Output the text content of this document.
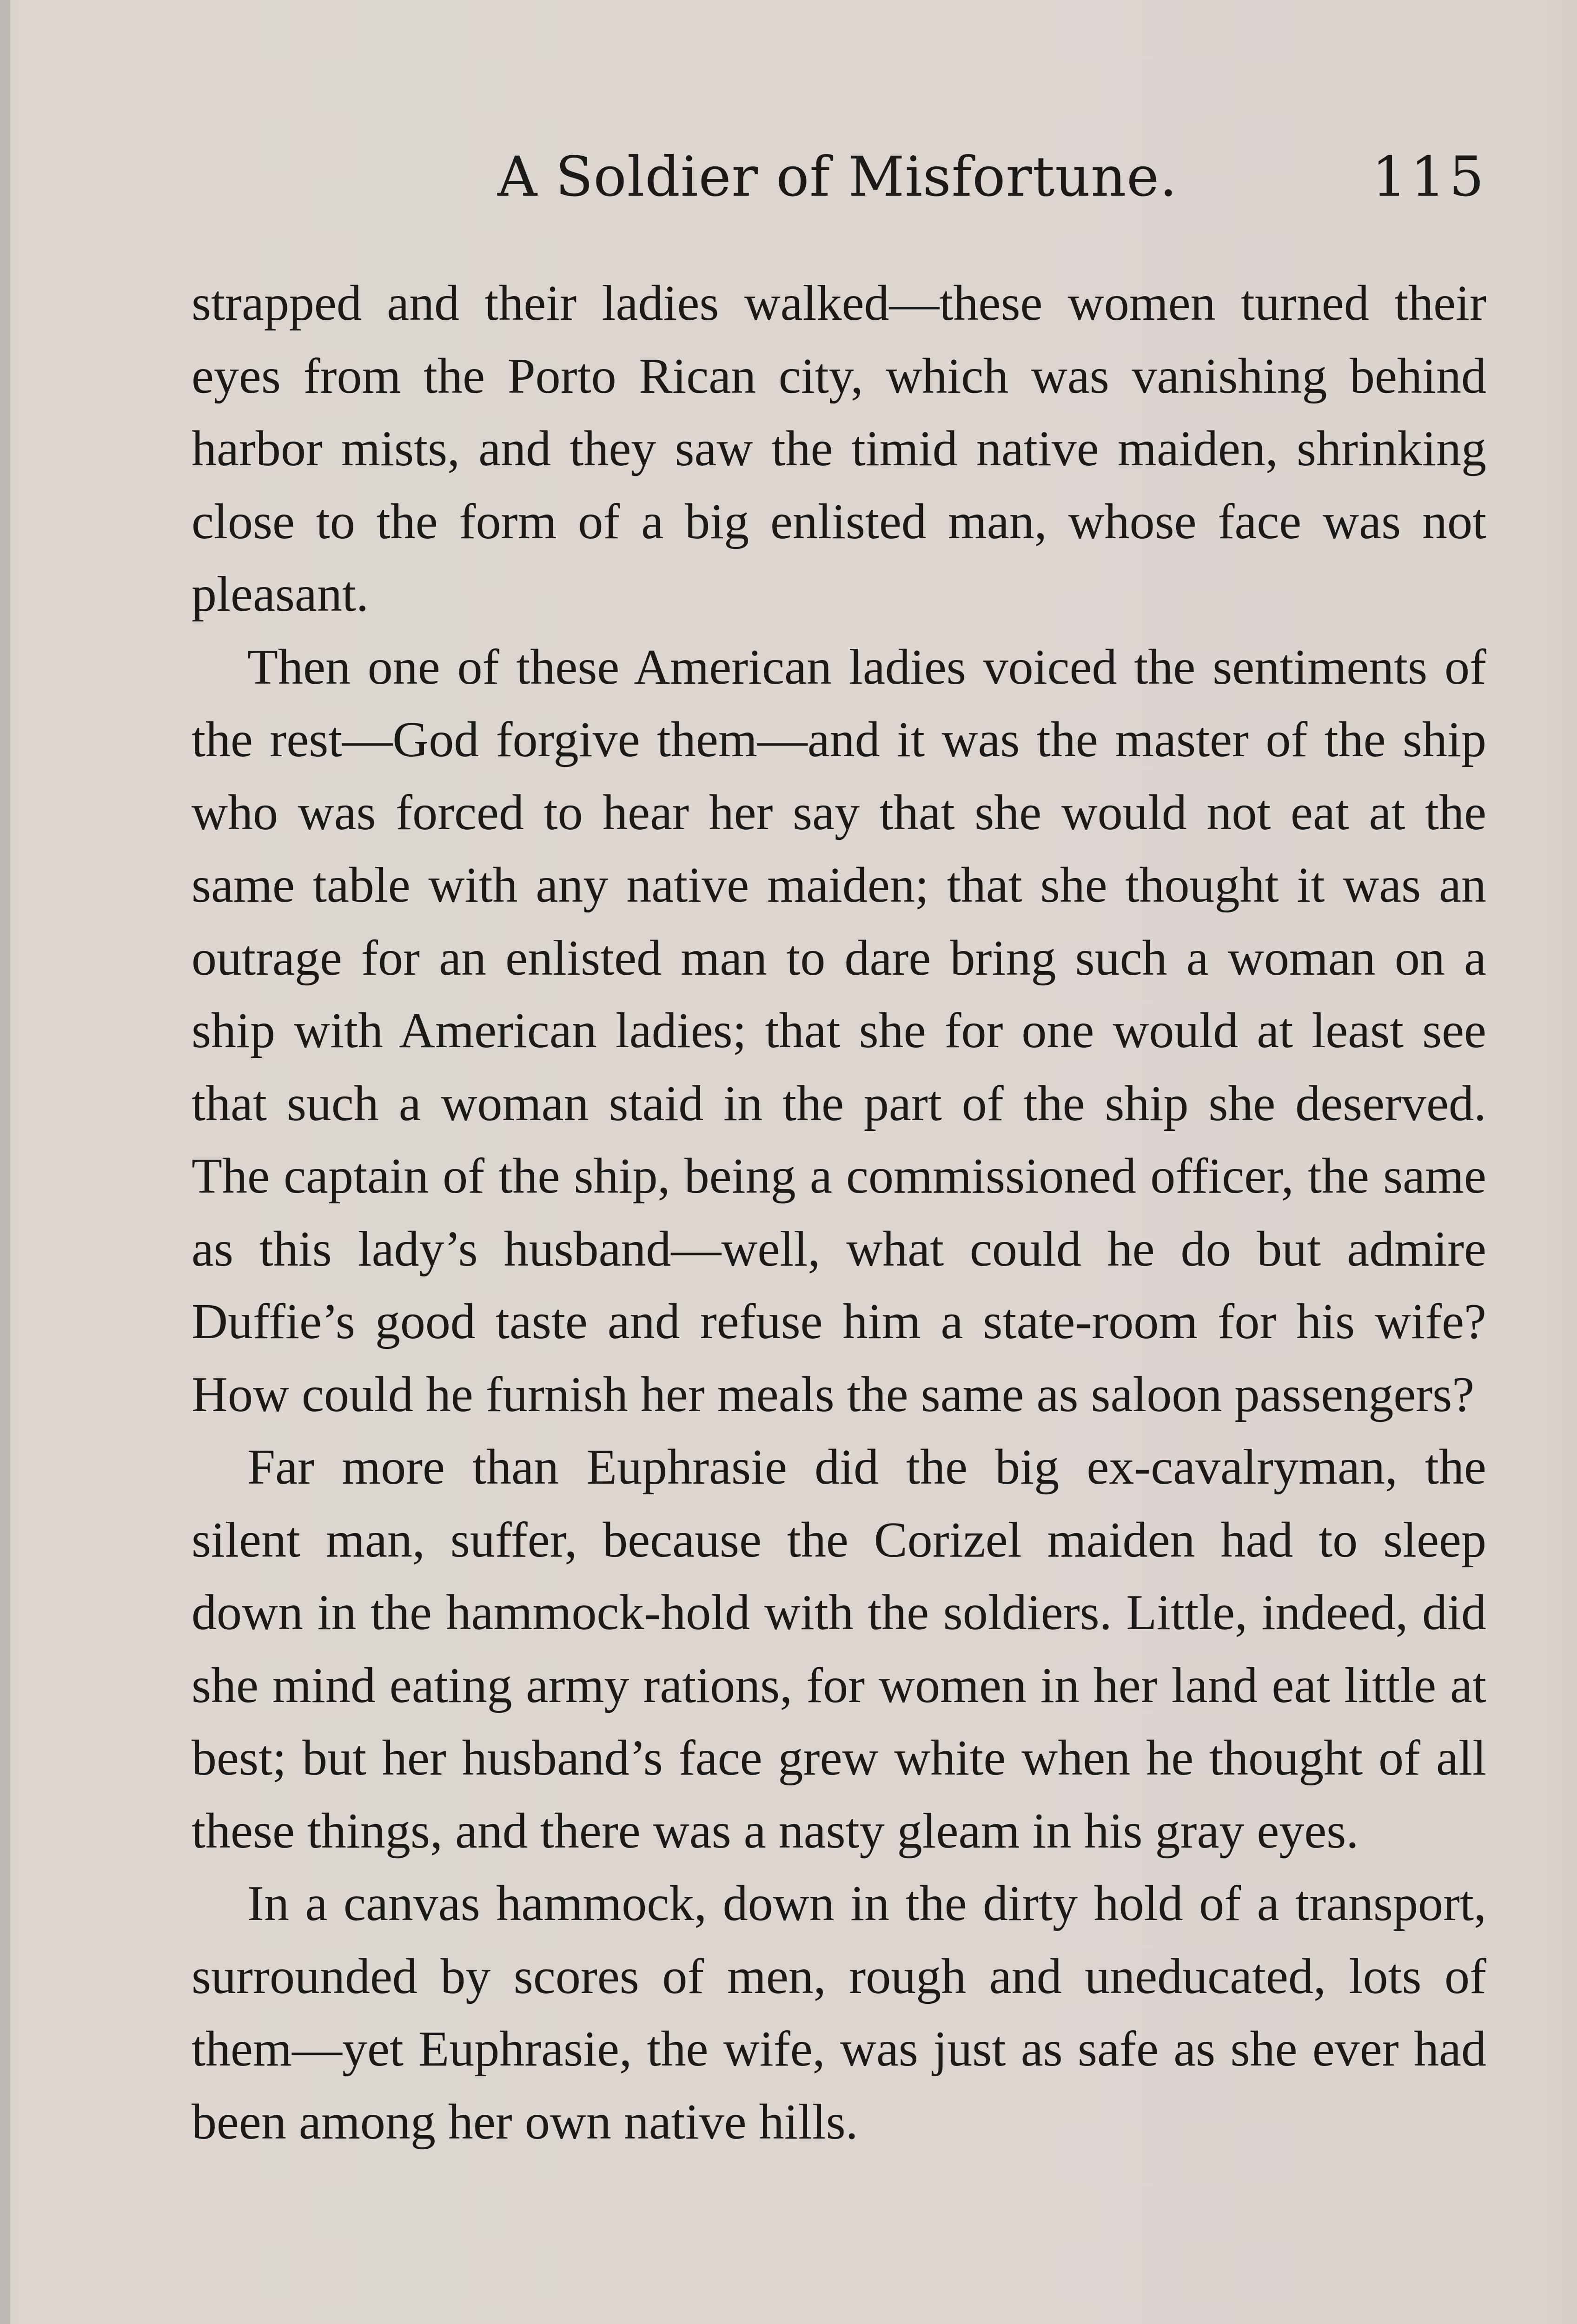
A Soldier of Misfortune.	115

strapped and their ladies walked—these women turned their eyes from the Porto Rican city, which was vanishing behind harbor mists, and they saw the timid native maiden, shrinking close to the form of a big enlisted man, whose face was not pleasant.

Then one of these American ladies voiced the sentiments of the rest—God forgive them—and it was the master of the ship who was forced to hear her say that she would not eat at the same table with any native maiden; that she thought it was an outrage for an enlisted man to dare bring such a woman on a ship with American ladies; that she for one would at least see that such a woman staid in the part of the ship she deserved. The captain of the ship, being a commissioned officer, the same as this lady’s husband—well, what could he do but admire Duffie’s good taste and refuse him a state-room for his wife? How could he furnish her meals the same as saloon passengers?

Far more than Euphrasie did the big ex-cavalryman, the silent man, suffer, because the Corizel maiden had to sleep down in the hammock-hold with the soldiers. Little, indeed, did she mind eating army rations, for women in her land eat little at best; but her husband’s face grew white when he thought of all these things, and there was a nasty gleam in his gray eyes.

In a canvas hammock, down in the dirty hold of a transport, surrounded by scores of men, rough and uneducated, lots of them—yet Euphrasie, the wife, was just as safe as she ever had been among her own native hills.
